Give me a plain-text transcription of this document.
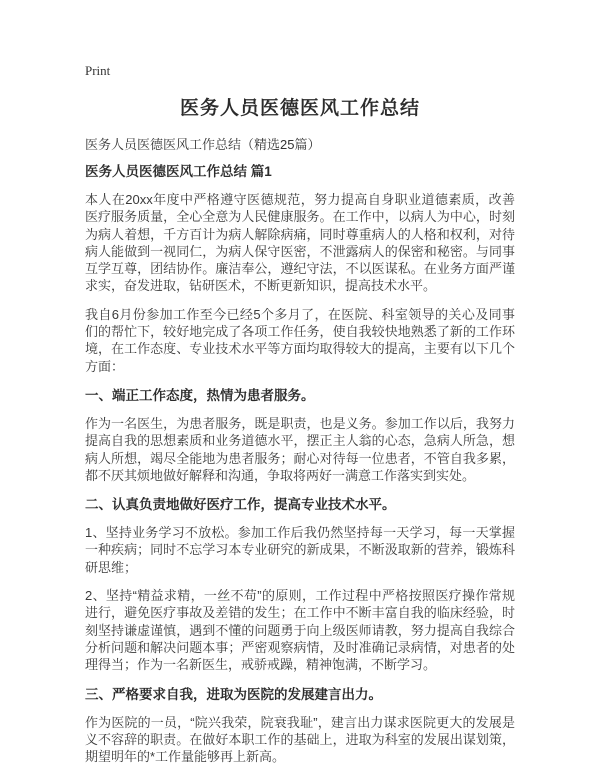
Print
医务人员医德医风工作总结

医务人员医德医风工作总结（精选25篇）

医务人员医德医风工作总结 篇1

本人在20xx年度中严格遵守医德规范，努力提高自身职业道德素质，改善医疗服务质量，全心全意为人民健康服务。在工作中，以病人为中心，时刻为病人着想，千方百计为病人解除病痛，同时尊重病人的人格和权利，对待病人能做到一视同仁，为病人保守医密，不泄露病人的保密和秘密。与同事互学互尊，团结协作。廉洁奉公，遵纪守法，不以医谋私。在业务方面严谨求实，奋发进取，钻研医术，不断更新知识，提高技术水平。

我自6月份参加工作至今已经5个多月了，在医院、科室领导的关心及同事们的帮忙下，较好地完成了各项工作任务，使自我较快地熟悉了新的工作环境，在工作态度、专业技术水平等方面均取得较大的提高，主要有以下几个方面：

一、端正工作态度，热情为患者服务。

作为一名医生，为患者服务，既是职责，也是义务。参加工作以后，我努力提高自我的思想素质和业务道德水平，摆正主人翁的心态，急病人所急，想病人所想，竭尽全能地为患者服务；耐心对待每一位患者，不管自我多累，都不厌其烦地做好解释和沟通，争取将两好一满意工作落实到实处。

二、认真负责地做好医疗工作，提高专业技术水平。

1、坚持业务学习不放松。参加工作后我仍然坚持每一天学习，每一天掌握一种疾病；同时不忘学习本专业研究的新成果，不断汲取新的营养，锻炼科研思维；

2、坚持“精益求精，一丝不苟”的原则，工作过程中严格按照医疗操作常规进行，避免医疗事故及差错的发生；在工作中不断丰富自我的临床经验，时刻坚持谦虚谨慎，遇到不懂的问题勇于向上级医师请教，努力提高自我综合分析问题和解决问题本事；严密观察病情，及时准确记录病情，对患者的处理得当；作为一名新医生，戒骄戒躁，精神饱满，不断学习。

三、严格要求自我，进取为医院的发展建言出力。

作为医院的一员，“院兴我荣，院衰我耻”，建言出力谋求医院更大的发展是义不容辞的职责。在做好本职工作的基础上，进取为科室的发展出谋划策，期望明年的*工作量能够再上新高。
